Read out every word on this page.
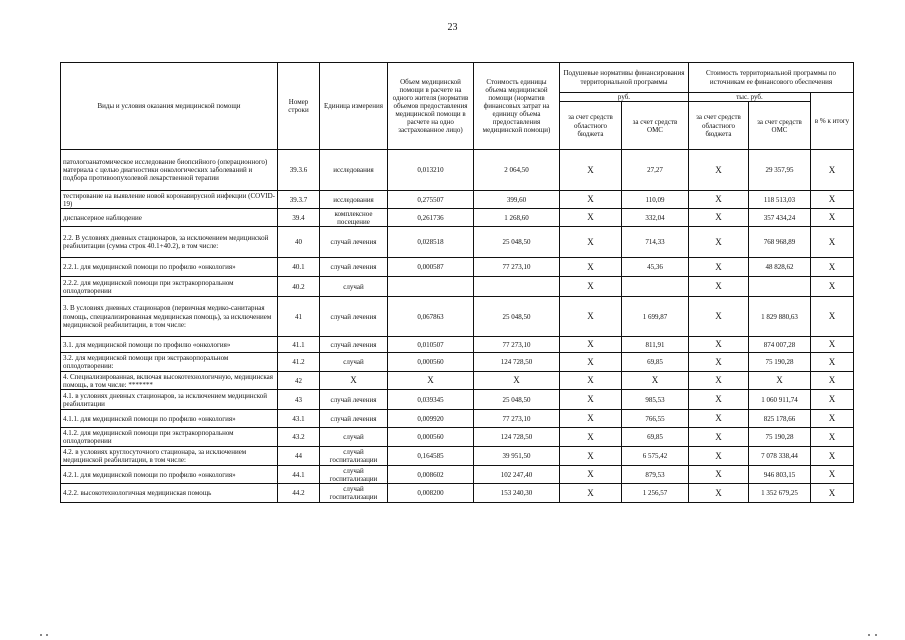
23
Виды и условия оказания медицинской помощи	Номер строки	Единица измерения	Объем медицинской помощи в расчете на одного жителя (норматив объемов предоставления медицинской помощи в расчете на одно застрахованное лицо)	Стоимость единицы объема медицинской помощи (норматив финансовых затрат на единицу объема предоставления медицинской помощи)	Подушевые нормативы финансирования территориальной программы		Стоимость территориальной программы по источникам ее финансового обеспечения		
					руб.		тыс. руб.		в % к итогу
					за счет средств областного бюджета	за счет средств ОМС	за счет средств областного бюджета	за счет средств ОМС	
патологоанатомическое исследование биопсийного (операционного) материала с целью диагностики онкологических заболеваний и подбора противоопухолевой лекарственной терапии	39.3.6	исследования	0,013210	2 064,50	X	27,27	X	29 357,95	X
тестирование на выявление новой коронавирусной инфекции (COVID-19)	39.3.7	исследования	0,275507	399,60	X	110,09	X	118 513,03	X
диспансерное наблюдение	39.4	комплексное посещение	0,261736	1 268,60	X	332,04	X	357 434,24	X
2.2. В условиях дневных стационаров, за исключением медицинской реабилитации (сумма строк 40.1+40.2), в том числе:	40	случай лечения	0,028518	25 048,50	X	714,33	X	768 968,89	X
2.2.1. для медицинской помощи по профилю «онкология»	40.1	случай лечения	0,000587	77 273,10	X	45,36	X	48 828,62	X
2.2.2. для медицинской помощи при экстракорпоральном оплодотворении	40.2	случай			X		X		X
3. В условиях дневных стационаров (первичная медико-санитарная помощь, специализированная медицинская помощь), за исключением медицинской реабилитации, в том числе:	41	случай лечения	0,067863	25 048,50	X	1 699,87	X	1 829 880,63	X
3.1. для медицинской помощи по профилю «онкология»	41.1	случай лечения	0,010507	77 273,10	X	811,91	X	874 007,28	X
3.2. для медицинской помощи при экстракорпоральном оплодотворении:	41.2	случай	0,000560	124 728,50	X	69,85	X	75 190,28	X
4. Специализированная, включая высокотехнологичную, медицинская помощь, в том числе: *******	42	X	X	X	X	X	X	X	X
4.1. в условиях дневных стационаров, за исключением медицинской реабилитации	43	случай лечения	0,039345	25 048,50	X	985,53	X	1 060 911,74	X
4.1.1. для медицинской помощи по профилю «онкология»	43.1	случай лечения	0,009920	77 273,10	X	766,55	X	825 178,66	X
4.1.2. для медицинской помощи при экстракорпоральном оплодотворении	43.2	случай	0,000560	124 728,50	X	69,85	X	75 190,28	X
4.2. в условиях круглосуточного стационара, за исключением медицинской реабилитации, в том числе:	44	случай госпитализации	0,164585	39 951,50	X	6 575,42	X	7 078 338,44	X
4.2.1. для медицинской помощи по профилю «онкология»	44.1	случай госпитализации	0,008602	102 247,40	X	879,53	X	946 803,15	X
4.2.2. высокотехнологичная медицинская помощь	44.2	случай госпитализации	0,008200	153 240,30	X	1 256,57	X	1 352 679,25	X
